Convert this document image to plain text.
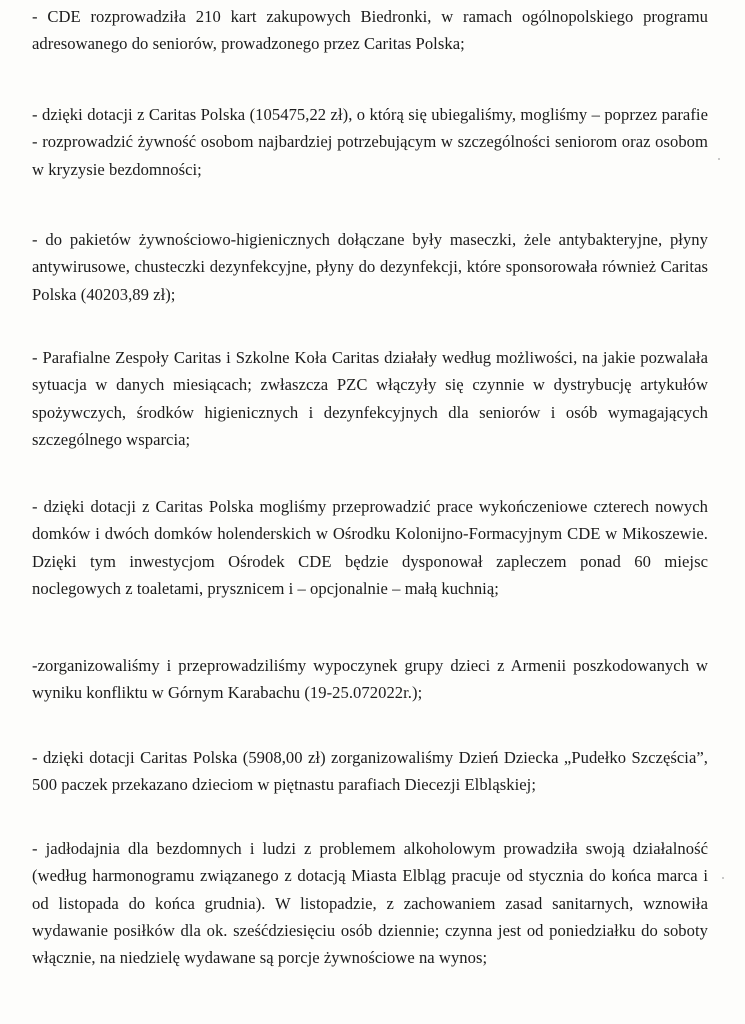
- CDE rozprowadziła 210 kart zakupowych Biedronki, w ramach ogólnopolskiego programu adresowanego do seniorów, prowadzonego przez Caritas Polska;

- dzięki dotacji z Caritas Polska (105475,22 zł), o którą się ubiegaliśmy, mogliśmy – poprzez parafie - rozprowadzić żywność osobom najbardziej potrzebującym w szczególności seniorom oraz osobom w kryzysie bezdomności;

- do pakietów żywnościowo-higienicznych dołączane były maseczki, żele antybakteryjne, płyny antywirusowe, chusteczki dezynfekcyjne, płyny do dezynfekcji, które sponsorowała również Caritas Polska (40203,89 zł);

- Parafialne Zespoły Caritas i Szkolne Koła Caritas działały według możliwości, na jakie pozwalała sytuacja w danych miesiącach; zwłaszcza PZC włączyły się czynnie w dystrybucję artykułów spożywczych, środków higienicznych i dezynfekcyjnych dla seniorów i osób wymagających szczególnego wsparcia;

- dzięki dotacji z Caritas Polska mogliśmy przeprowadzić prace wykończeniowe czterech nowych domków i dwóch domków holenderskich w Ośrodku Kolonijno-Formacyjnym CDE w Mikoszewie. Dzięki tym inwestycjom Ośrodek CDE będzie dysponował zapleczem ponad 60 miejsc noclegowych z toaletami, prysznicem i – opcjonalnie – małą kuchnią;

-zorganizowaliśmy i przeprowadziliśmy wypoczynek grupy dzieci z Armenii poszkodowanych w wyniku konfliktu w Górnym Karabachu (19-25.072022r.);

- dzięki dotacji Caritas Polska (5908,00 zł) zorganizowaliśmy Dzień Dziecka „Pudełko Szczęścia”, 500 paczek przekazano dzieciom w piętnastu parafiach Diecezji Elbląskiej;

- jadłodajnia dla bezdomnych i ludzi z problemem alkoholowym prowadziła swoją działalność (według harmonogramu związanego z dotacją Miasta Elbląg pracuje od stycznia do końca marca i od listopada do końca grudnia). W listopadzie, z zachowaniem zasad sanitarnych, wznowiła wydawanie posiłków dla ok. sześćdziesięciu osób dziennie; czynna jest od poniedziałku do soboty włącznie, na niedzielę wydawane są porcje żywnościowe na wynos;
